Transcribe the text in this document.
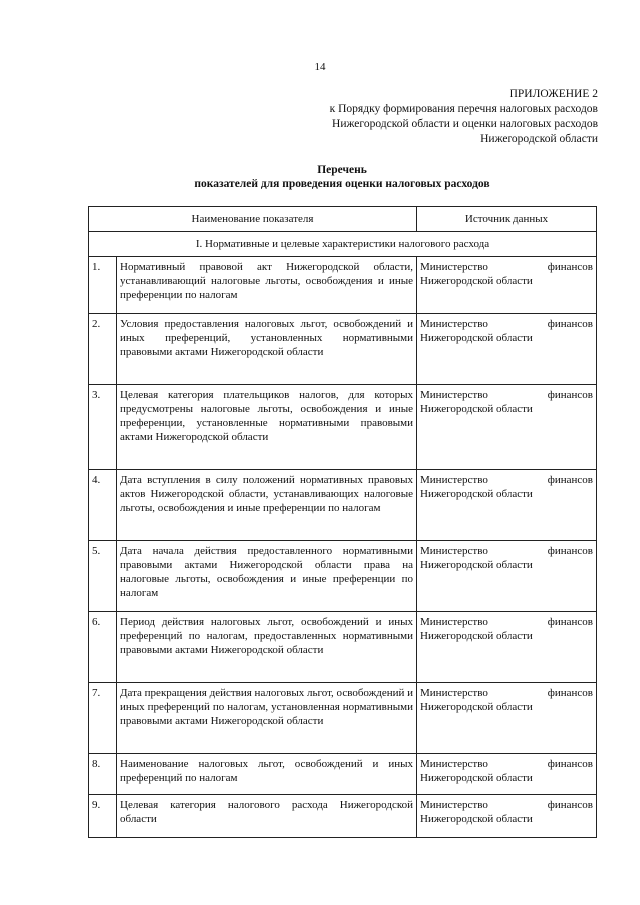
14
ПРИЛОЖЕНИЕ 2
к Порядку формирования перечня налоговых расходов
Нижегородской области и оценки налоговых расходов
Нижегородской области
Перечень
показателей для проведения оценки налоговых расходов
Наименование показателя		Источник данных
I. Нормативные и целевые характеристики налогового расхода		
1.	Нормативный правовой акт Нижегородской области, устанавливающий налоговые льготы, освобождения и иные преференции по налогам	Министерство финансов Нижегородской области
2.	Условия предоставления налоговых льгот, освобождений и иных преференций, установленных нормативными правовыми актами Нижегородской области	Министерство финансов Нижегородской области
3.	Целевая категория плательщиков налогов, для которых предусмотрены налоговые льготы, освобождения и иные преференции, установленные нормативными правовыми актами Нижегородской области	Министерство финансов Нижегородской области
4.	Дата вступления в силу положений нормативных правовых актов Нижегородской области, устанавливающих налоговые льготы, освобождения и иные преференции по налогам	Министерство финансов Нижегородской области
5.	Дата начала действия предоставленного нормативными правовыми актами Нижегородской области права на налоговые льготы, освобождения и иные преференции по налогам	Министерство финансов Нижегородской области
6.	Период действия налоговых льгот, освобождений и иных преференций по налогам, предоставленных нормативными правовыми актами Нижегородской области	Министерство финансов Нижегородской области
7.	Дата прекращения действия налоговых льгот, освобождений и иных преференций по налогам, установленная нормативными правовыми актами Нижегородской области	Министерство финансов Нижегородской области
8.	Наименование налоговых льгот, освобождений и иных преференций по налогам	Министерство финансов Нижегородской области
9.	Целевая категория налогового расхода Нижегородской области	Министерство финансов Нижегородской области
